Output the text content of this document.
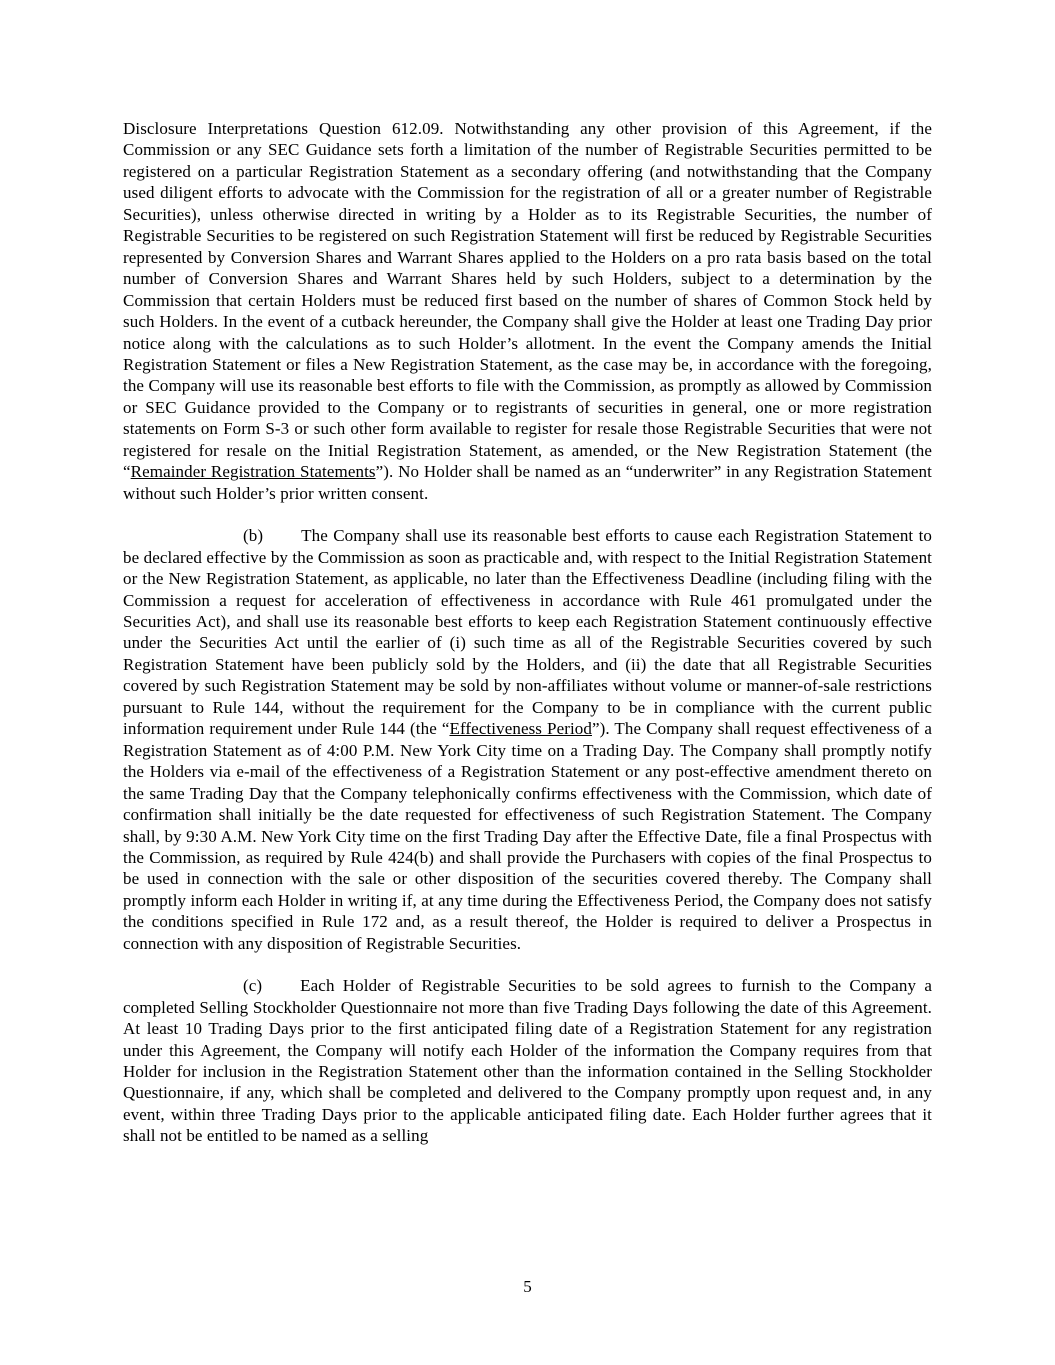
Disclosure Interpretations Question 612.09. Notwithstanding any other provision of this Agreement, if the Commission or any SEC Guidance sets forth a limitation of the number of Registrable Securities permitted to be registered on a particular Registration Statement as a secondary offering (and notwithstanding that the Company used diligent efforts to advocate with the Commission for the registration of all or a greater number of Registrable Securities), unless otherwise directed in writing by a Holder as to its Registrable Securities, the number of Registrable Securities to be registered on such Registration Statement will first be reduced by Registrable Securities represented by Conversion Shares and Warrant Shares applied to the Holders on a pro rata basis based on the total number of Conversion Shares and Warrant Shares held by such Holders, subject to a determination by the Commission that certain Holders must be reduced first based on the number of shares of Common Stock held by such Holders. In the event of a cutback hereunder, the Company shall give the Holder at least one Trading Day prior notice along with the calculations as to such Holder’s allotment. In the event the Company amends the Initial Registration Statement or files a New Registration Statement, as the case may be, in accordance with the foregoing, the Company will use its reasonable best efforts to file with the Commission, as promptly as allowed by Commission or SEC Guidance provided to the Company or to registrants of securities in general, one or more registration statements on Form S-3 or such other form available to register for resale those Registrable Securities that were not registered for resale on the Initial Registration Statement, as amended, or the New Registration Statement (the “Remainder Registration Statements”). No Holder shall be named as an “underwriter” in any Registration Statement without such Holder’s prior written consent.

(b) The Company shall use its reasonable best efforts to cause each Registration Statement to be declared effective by the Commission as soon as practicable and, with respect to the Initial Registration Statement or the New Registration Statement, as applicable, no later than the Effectiveness Deadline (including filing with the Commission a request for acceleration of effectiveness in accordance with Rule 461 promulgated under the Securities Act), and shall use its reasonable best efforts to keep each Registration Statement continuously effective under the Securities Act until the earlier of (i) such time as all of the Registrable Securities covered by such Registration Statement have been publicly sold by the Holders, and (ii) the date that all Registrable Securities covered by such Registration Statement may be sold by non-affiliates without volume or manner-of-sale restrictions pursuant to Rule 144, without the requirement for the Company to be in compliance with the current public information requirement under Rule 144 (the “Effectiveness Period”). The Company shall request effectiveness of a Registration Statement as of 4:00 P.M. New York City time on a Trading Day. The Company shall promptly notify the Holders via e-mail of the effectiveness of a Registration Statement or any post-effective amendment thereto on the same Trading Day that the Company telephonically confirms effectiveness with the Commission, which date of confirmation shall initially be the date requested for effectiveness of such Registration Statement. The Company shall, by 9:30 A.M. New York City time on the first Trading Day after the Effective Date, file a final Prospectus with the Commission, as required by Rule 424(b) and shall provide the Purchasers with copies of the final Prospectus to be used in connection with the sale or other disposition of the securities covered thereby. The Company shall promptly inform each Holder in writing if, at any time during the Effectiveness Period, the Company does not satisfy the conditions specified in Rule 172 and, as a result thereof, the Holder is required to deliver a Prospectus in connection with any disposition of Registrable Securities.

(c) Each Holder of Registrable Securities to be sold agrees to furnish to the Company a completed Selling Stockholder Questionnaire not more than five Trading Days following the date of this Agreement. At least 10 Trading Days prior to the first anticipated filing date of a Registration Statement for any registration under this Agreement, the Company will notify each Holder of the information the Company requires from that Holder for inclusion in the Registration Statement other than the information contained in the Selling Stockholder Questionnaire, if any, which shall be completed and delivered to the Company promptly upon request and, in any event, within three Trading Days prior to the applicable anticipated filing date. Each Holder further agrees that it shall not be entitled to be named as a selling

5
